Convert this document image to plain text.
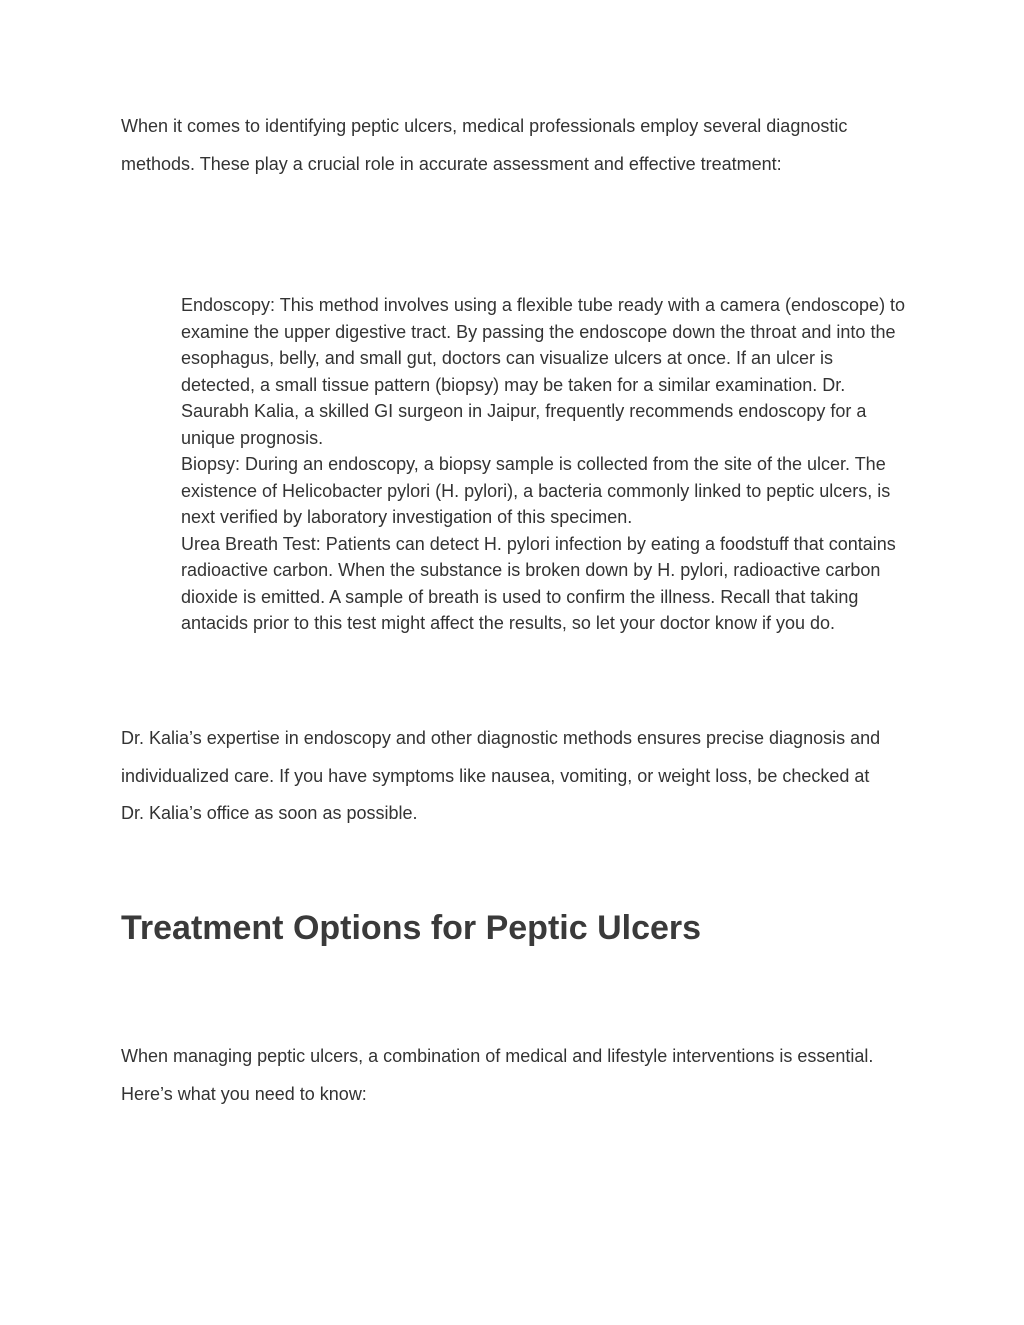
When it comes to identifying peptic ulcers, medical professionals employ several diagnostic methods. These play a crucial role in accurate assessment and effective treatment:

Endoscopy: This method involves using a flexible tube ready with a camera (endoscope) to examine the upper digestive tract. By passing the endoscope down the throat and into the esophagus, belly, and small gut, doctors can visualize ulcers at once. If an ulcer is detected, a small tissue pattern (biopsy) may be taken for a similar examination. Dr. Saurabh Kalia, a skilled GI surgeon in Jaipur, frequently recommends endoscopy for a unique prognosis.
Biopsy: During an endoscopy, a biopsy sample is collected from the site of the ulcer. The existence of Helicobacter pylori (H. pylori), a bacteria commonly linked to peptic ulcers, is next verified by laboratory investigation of this specimen.
Urea Breath Test: Patients can detect H. pylori infection by eating a foodstuff that contains radioactive carbon. When the substance is broken down by H. pylori, radioactive carbon dioxide is emitted. A sample of breath is used to confirm the illness. Recall that taking antacids prior to this test might affect the results, so let your doctor know if you do.

Dr. Kalia’s expertise in endoscopy and other diagnostic methods ensures precise diagnosis and individualized care. If you have symptoms like nausea, vomiting, or weight loss, be checked at Dr. Kalia’s office as soon as possible.

Treatment Options for Peptic Ulcers

When managing peptic ulcers, a combination of medical and lifestyle interventions is essential. Here’s what you need to know:
